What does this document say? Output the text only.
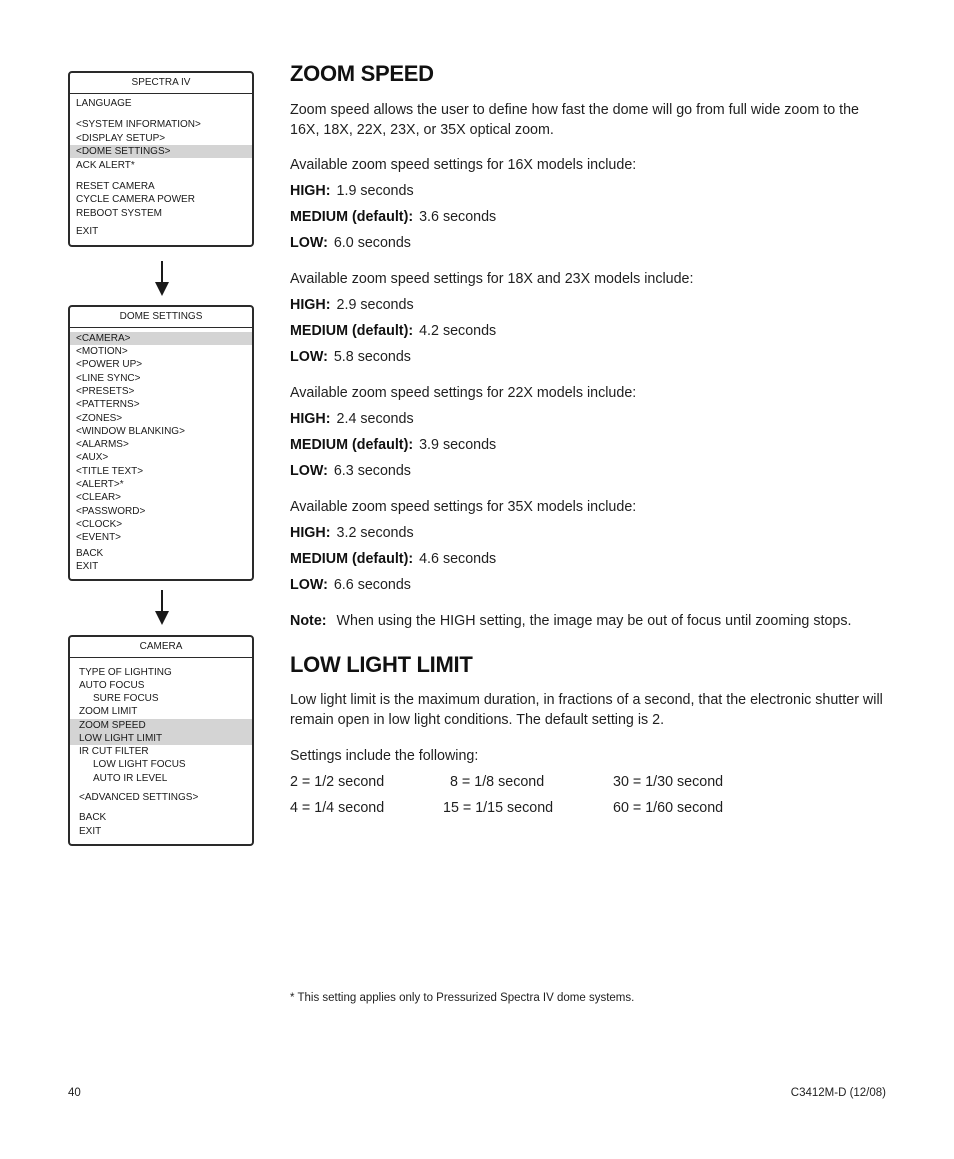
SPECTRA IV
LANGUAGE
<SYSTEM INFORMATION>
<DISPLAY SETUP>
<DOME SETTINGS>
ACK ALERT*
RESET CAMERA
CYCLE CAMERA POWER
REBOOT SYSTEM
EXIT
DOME SETTINGS
<CAMERA>
<MOTION>
<POWER UP>
<LINE SYNC>
<PRESETS>
<PATTERNS>
<ZONES>
<WINDOW BLANKING>
<ALARMS>
<AUX>
<TITLE TEXT>
<ALERT>*
<CLEAR>
<PASSWORD>
<CLOCK>
<EVENT>
BACK
EXIT
CAMERA
TYPE OF LIGHTING
AUTO FOCUS
SURE FOCUS
ZOOM LIMIT
ZOOM SPEED
LOW LIGHT LIMIT
IR CUT FILTER
LOW LIGHT FOCUS
AUTO IR LEVEL
<ADVANCED SETTINGS>
BACK
EXIT
ZOOM SPEED
Zoom speed allows the user to define how fast the dome will go from full wide zoom to the 16X, 18X, 22X, 23X, or 35X optical zoom.
Available zoom speed settings for 16X models include:
HIGH: 1.9 seconds
MEDIUM (default): 3.6 seconds
LOW: 6.0 seconds
Available zoom speed settings for 18X and 23X models include:
HIGH: 2.9 seconds
MEDIUM (default): 4.2 seconds
LOW: 5.8 seconds
Available zoom speed settings for 22X models include:
HIGH: 2.4 seconds
MEDIUM (default): 3.9 seconds
LOW: 6.3 seconds
Available zoom speed settings for 35X models include:
HIGH: 3.2 seconds
MEDIUM (default): 4.6 seconds
LOW: 6.6 seconds
Note: When using the HIGH setting, the image may be out of focus until zooming stops.
LOW LIGHT LIMIT
Low light limit is the maximum duration, in fractions of a second, that the electronic shutter will remain open in low light conditions. The default setting is 2.
Settings include the following:
2 = 1/2 second	8 = 1/8 second	30 = 1/30 second
4 = 1/4 second	15 = 1/15 second	60 = 1/60 second
* This setting applies only to Pressurized Spectra IV dome systems.
40	C3412M-D (12/08)
